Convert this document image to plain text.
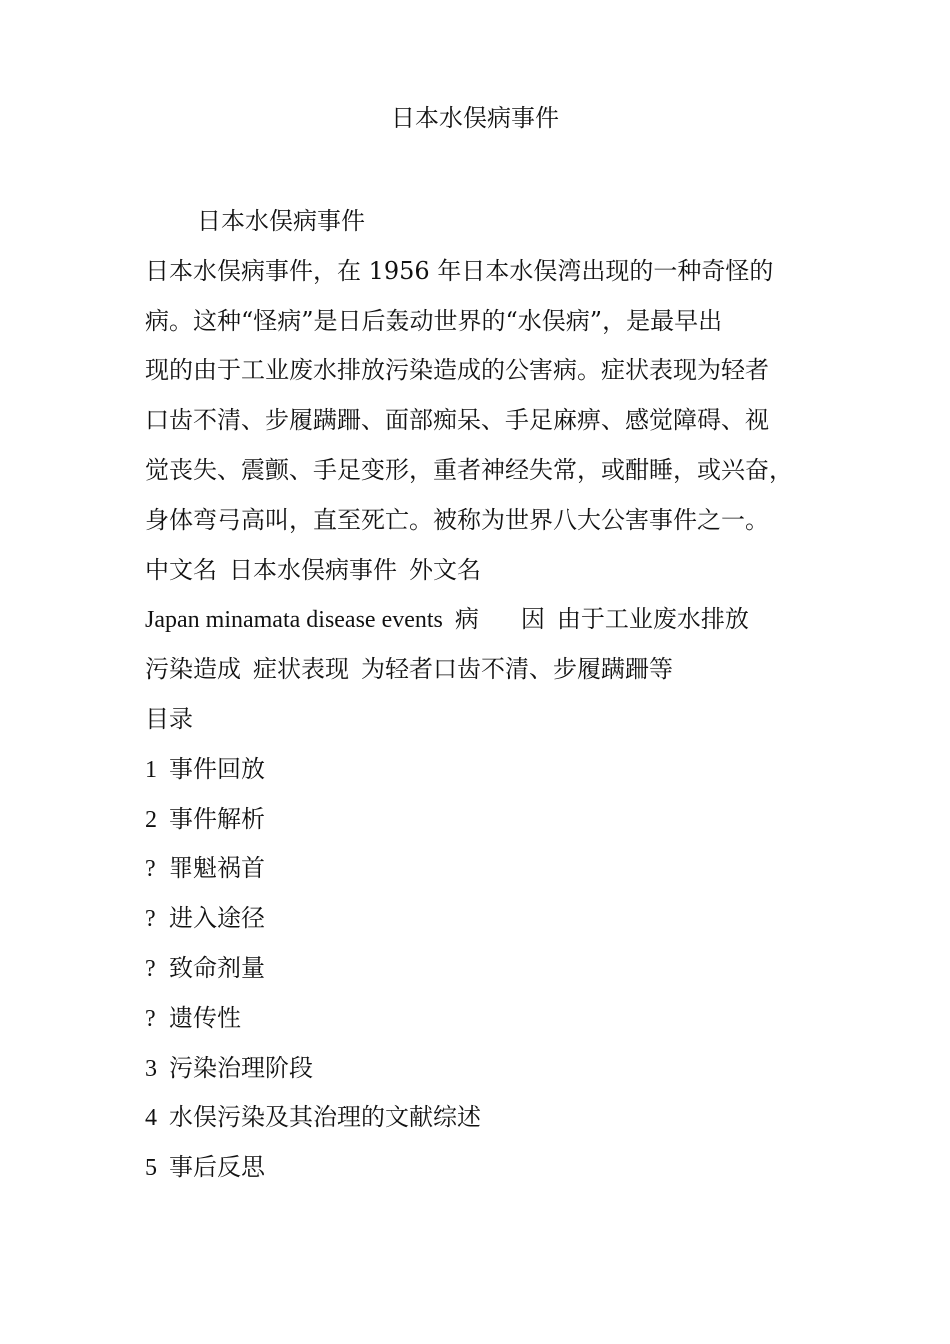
日本水俣病事件
日本水俣病事件
日本水俣病事件，在 1956 年日本水俣湾出现的一种奇怪的
病。这种“怪病”是日后轰动世界的“水俣病”，是最早出
现的由于工业废水排放污染造成的公害病。症状表现为轻者
口齿不清、步履蹒跚、面部痴呆、手足麻痹、感觉障碍、视
觉丧失、震颤、手足变形，重者神经失常，或酣睡，或兴奋，
身体弯弓高叫，直至死亡。被称为世界八大公害事件之一。
中文名 日本水俣病事件 外文名
Japan minamata disease events 病 因 由于工业废水排放
污染造成 症状表现 为轻者口齿不清、步履蹒跚等
目录
1 事件回放
2 事件解析
? 罪魁祸首
? 进入途径
? 致命剂量
? 遗传性
3 污染治理阶段
4 水俣污染及其治理的文献综述
5 事后反思
